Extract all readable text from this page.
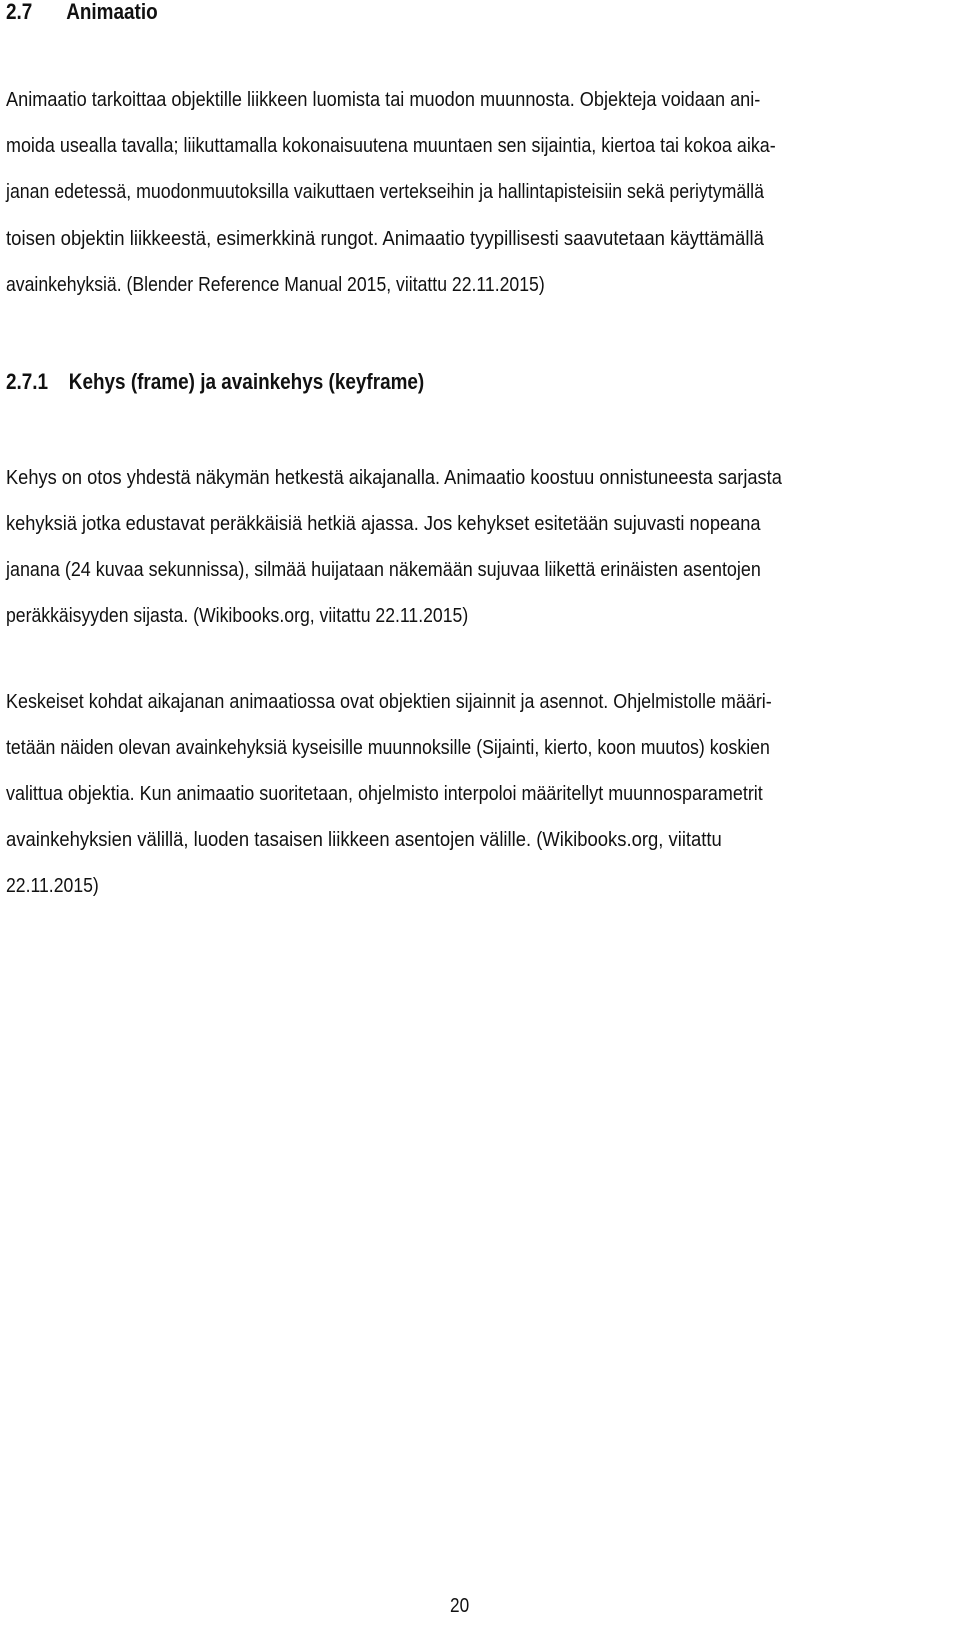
2.7 Animaatio
Animaatio tarkoittaa objektille liikkeen luomista tai muodon muunnosta. Objekteja voidaan ani-
moida usealla tavalla; liikuttamalla kokonaisuutena muuntaen sen sijaintia, kiertoa tai kokoa aika-
janan edetessä, muodonmuutoksilla vaikuttaen vertekseihin ja hallintapisteisiin sekä periytymällä
toisen objektin liikkeestä, esimerkkinä rungot. Animaatio tyypillisesti saavutetaan käyttämällä
avainkehyksiä. (Blender Reference Manual 2015, viitattu 22.11.2015)
2.7.1 Kehys (frame) ja avainkehys (keyframe)
Kehys on otos yhdestä näkymän hetkestä aikajanalla. Animaatio koostuu onnistuneesta sarjasta
kehyksiä jotka edustavat peräkkäisiä hetkiä ajassa. Jos kehykset esitetään sujuvasti nopeana
janana (24 kuvaa sekunnissa), silmää huijataan näkemään sujuvaa liikettä erinäisten asentojen
peräkkäisyyden sijasta. (Wikibooks.org, viitattu 22.11.2015)
Keskeiset kohdat aikajanan animaatiossa ovat objektien sijainnit ja asennot. Ohjelmistolle määri-
tetään näiden olevan avainkehyksiä kyseisille muunnoksille (Sijainti, kierto, koon muutos) koskien
valittua objektia. Kun animaatio suoritetaan, ohjelmisto interpoloi määritellyt muunnosparametrit
avainkehyksien välillä, luoden tasaisen liikkeen asentojen välille. (Wikibooks.org, viitattu
22.11.2015)
20
